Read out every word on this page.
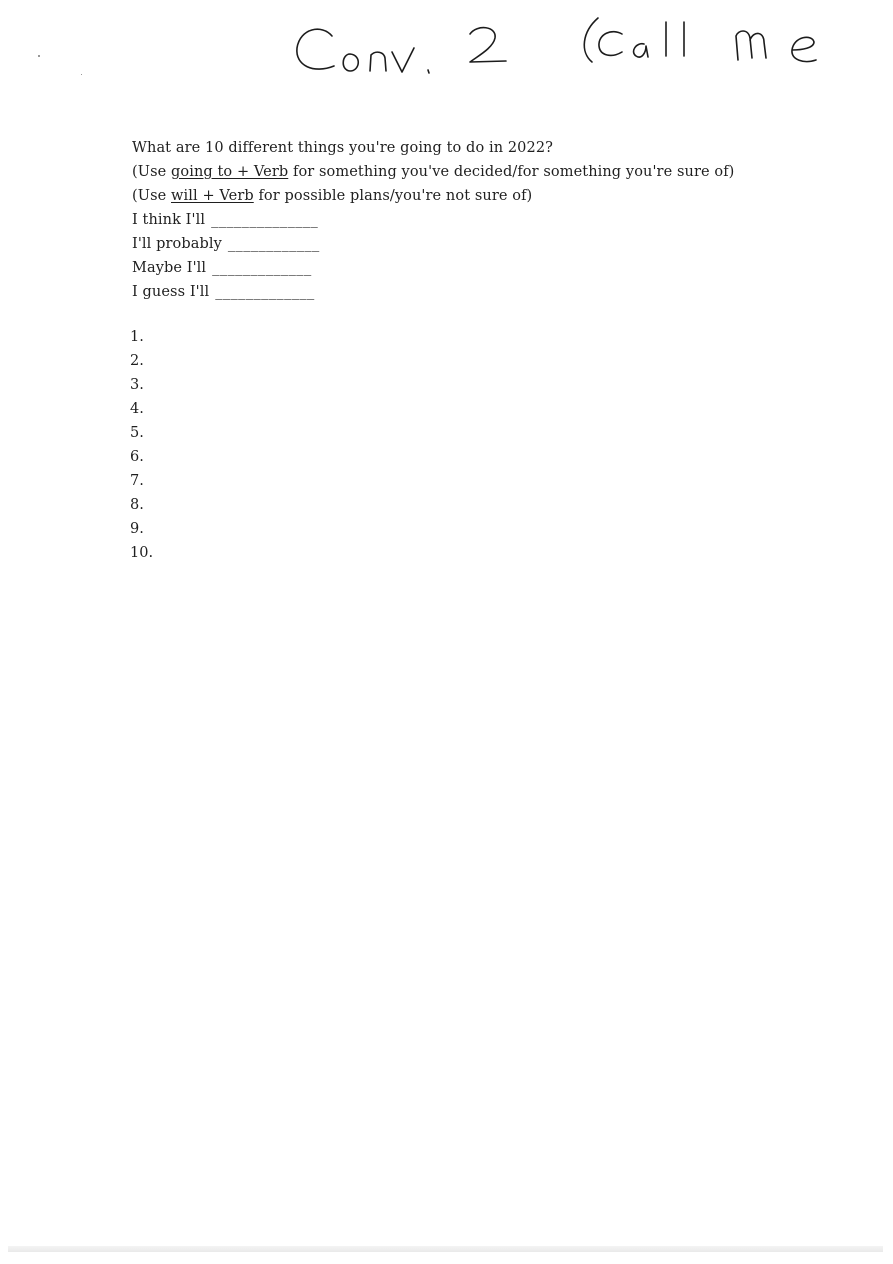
What are 10 different things you're going to do in 2022?
(Use going to + Verb for something you've decided/for something you're sure of)
(Use will + Verb for possible plans/you're not sure of)
I think I'll ______________
I'll probably ____________
Maybe I'll _____________
I guess I'll _____________
1.
2.
3.
4.
5.
6.
7.
8.
9.
10.
